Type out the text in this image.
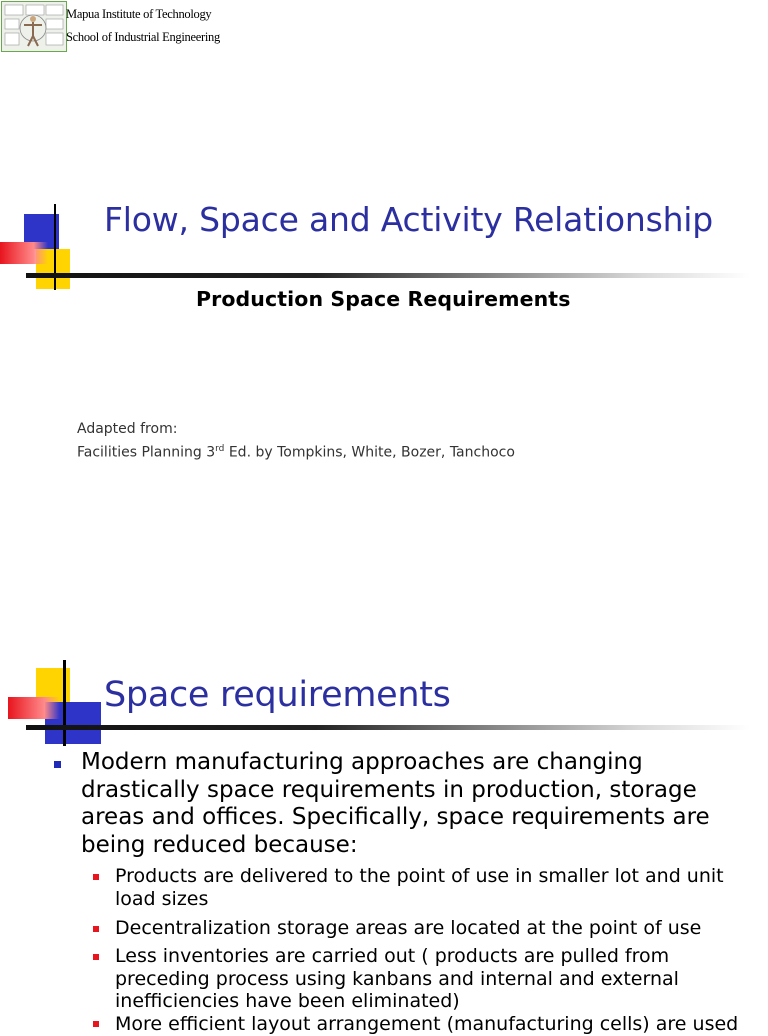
Mapua Institute of Technology
School of Industrial Engineering
Flow, Space and Activity Relationship
Production Space Requirements
Adapted from:
Facilities Planning 3rd Ed. by Tompkins, White, Bozer, Tanchoco
Space requirements
Modern manufacturing approaches are changing drastically space requirements in production, storage areas and offices. Specifically, space requirements are being reduced because:
Products are delivered to the point of use in smaller lot and unit load sizes
Decentralization storage areas are located at the point of use
Less inventories are carried out ( products are pulled from preceding process using kanbans and internal and external inefficiencies have been eliminated)
More efficient layout arrangement (manufacturing cells) are used
